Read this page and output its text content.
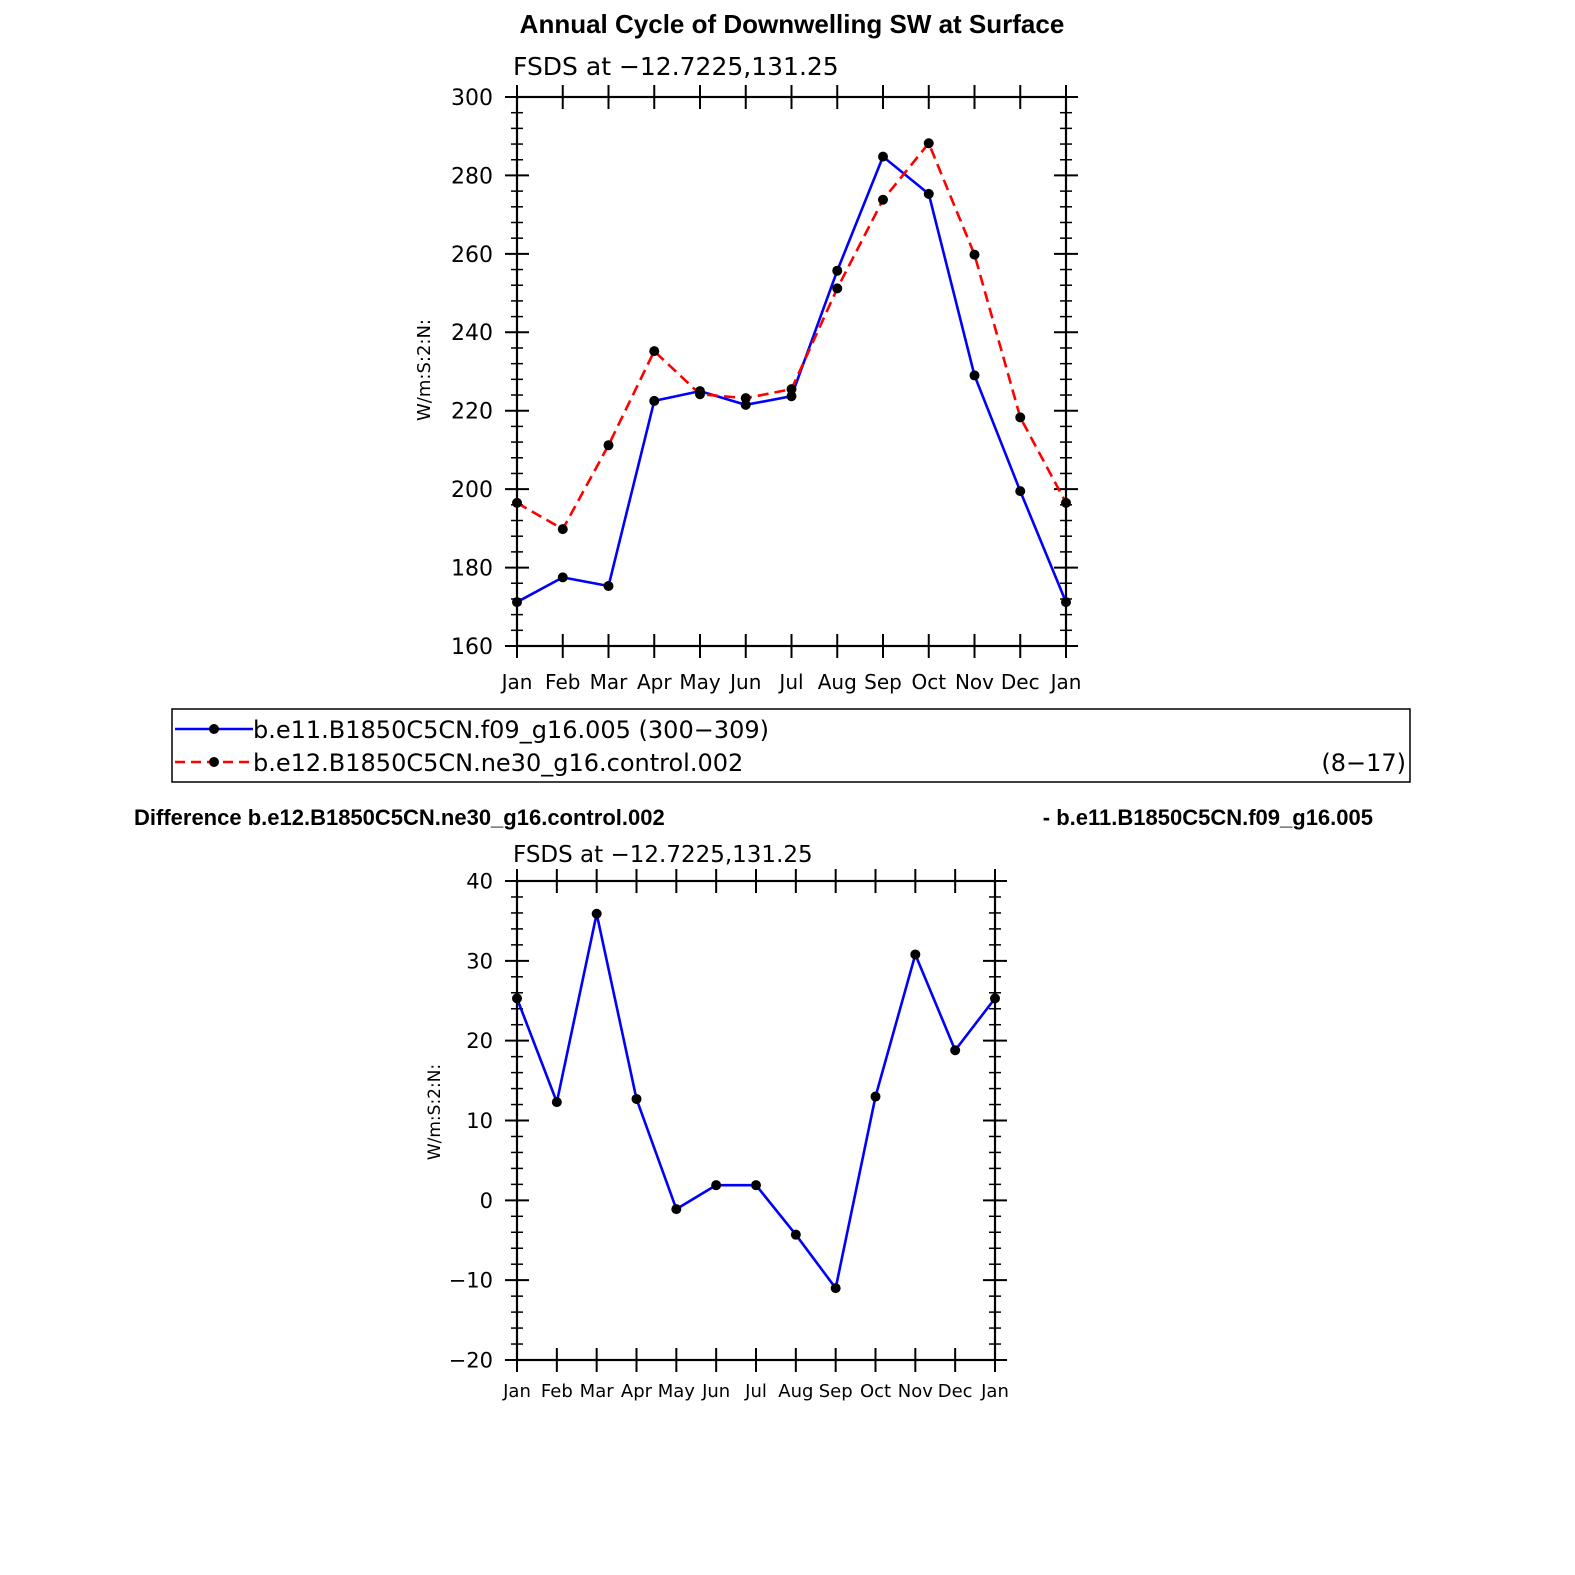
Annual Cycle of Downwelling SW at Surface
FSDS at −12.7225,131.25
W/m:S:2:N:
160
180
200
220
240
260
280
300
Jan Feb Mar Apr May Jun Jul Aug Sep Oct Nov Dec Jan
b.e11.B1850C5CN.f09_g16.005 (300−309)
b.e12.B1850C5CN.ne30_g16.control.002	(8−17)
Difference b.e12.B1850C5CN.ne30_g16.control.002	- b.e11.B1850C5CN.f09_g16.005
FSDS at −12.7225,131.25
W/m:S:2:N:
−20
−10
0
10
20
30
40
Jan Feb Mar Apr May Jun Jul Aug Sep Oct Nov Dec Jan
